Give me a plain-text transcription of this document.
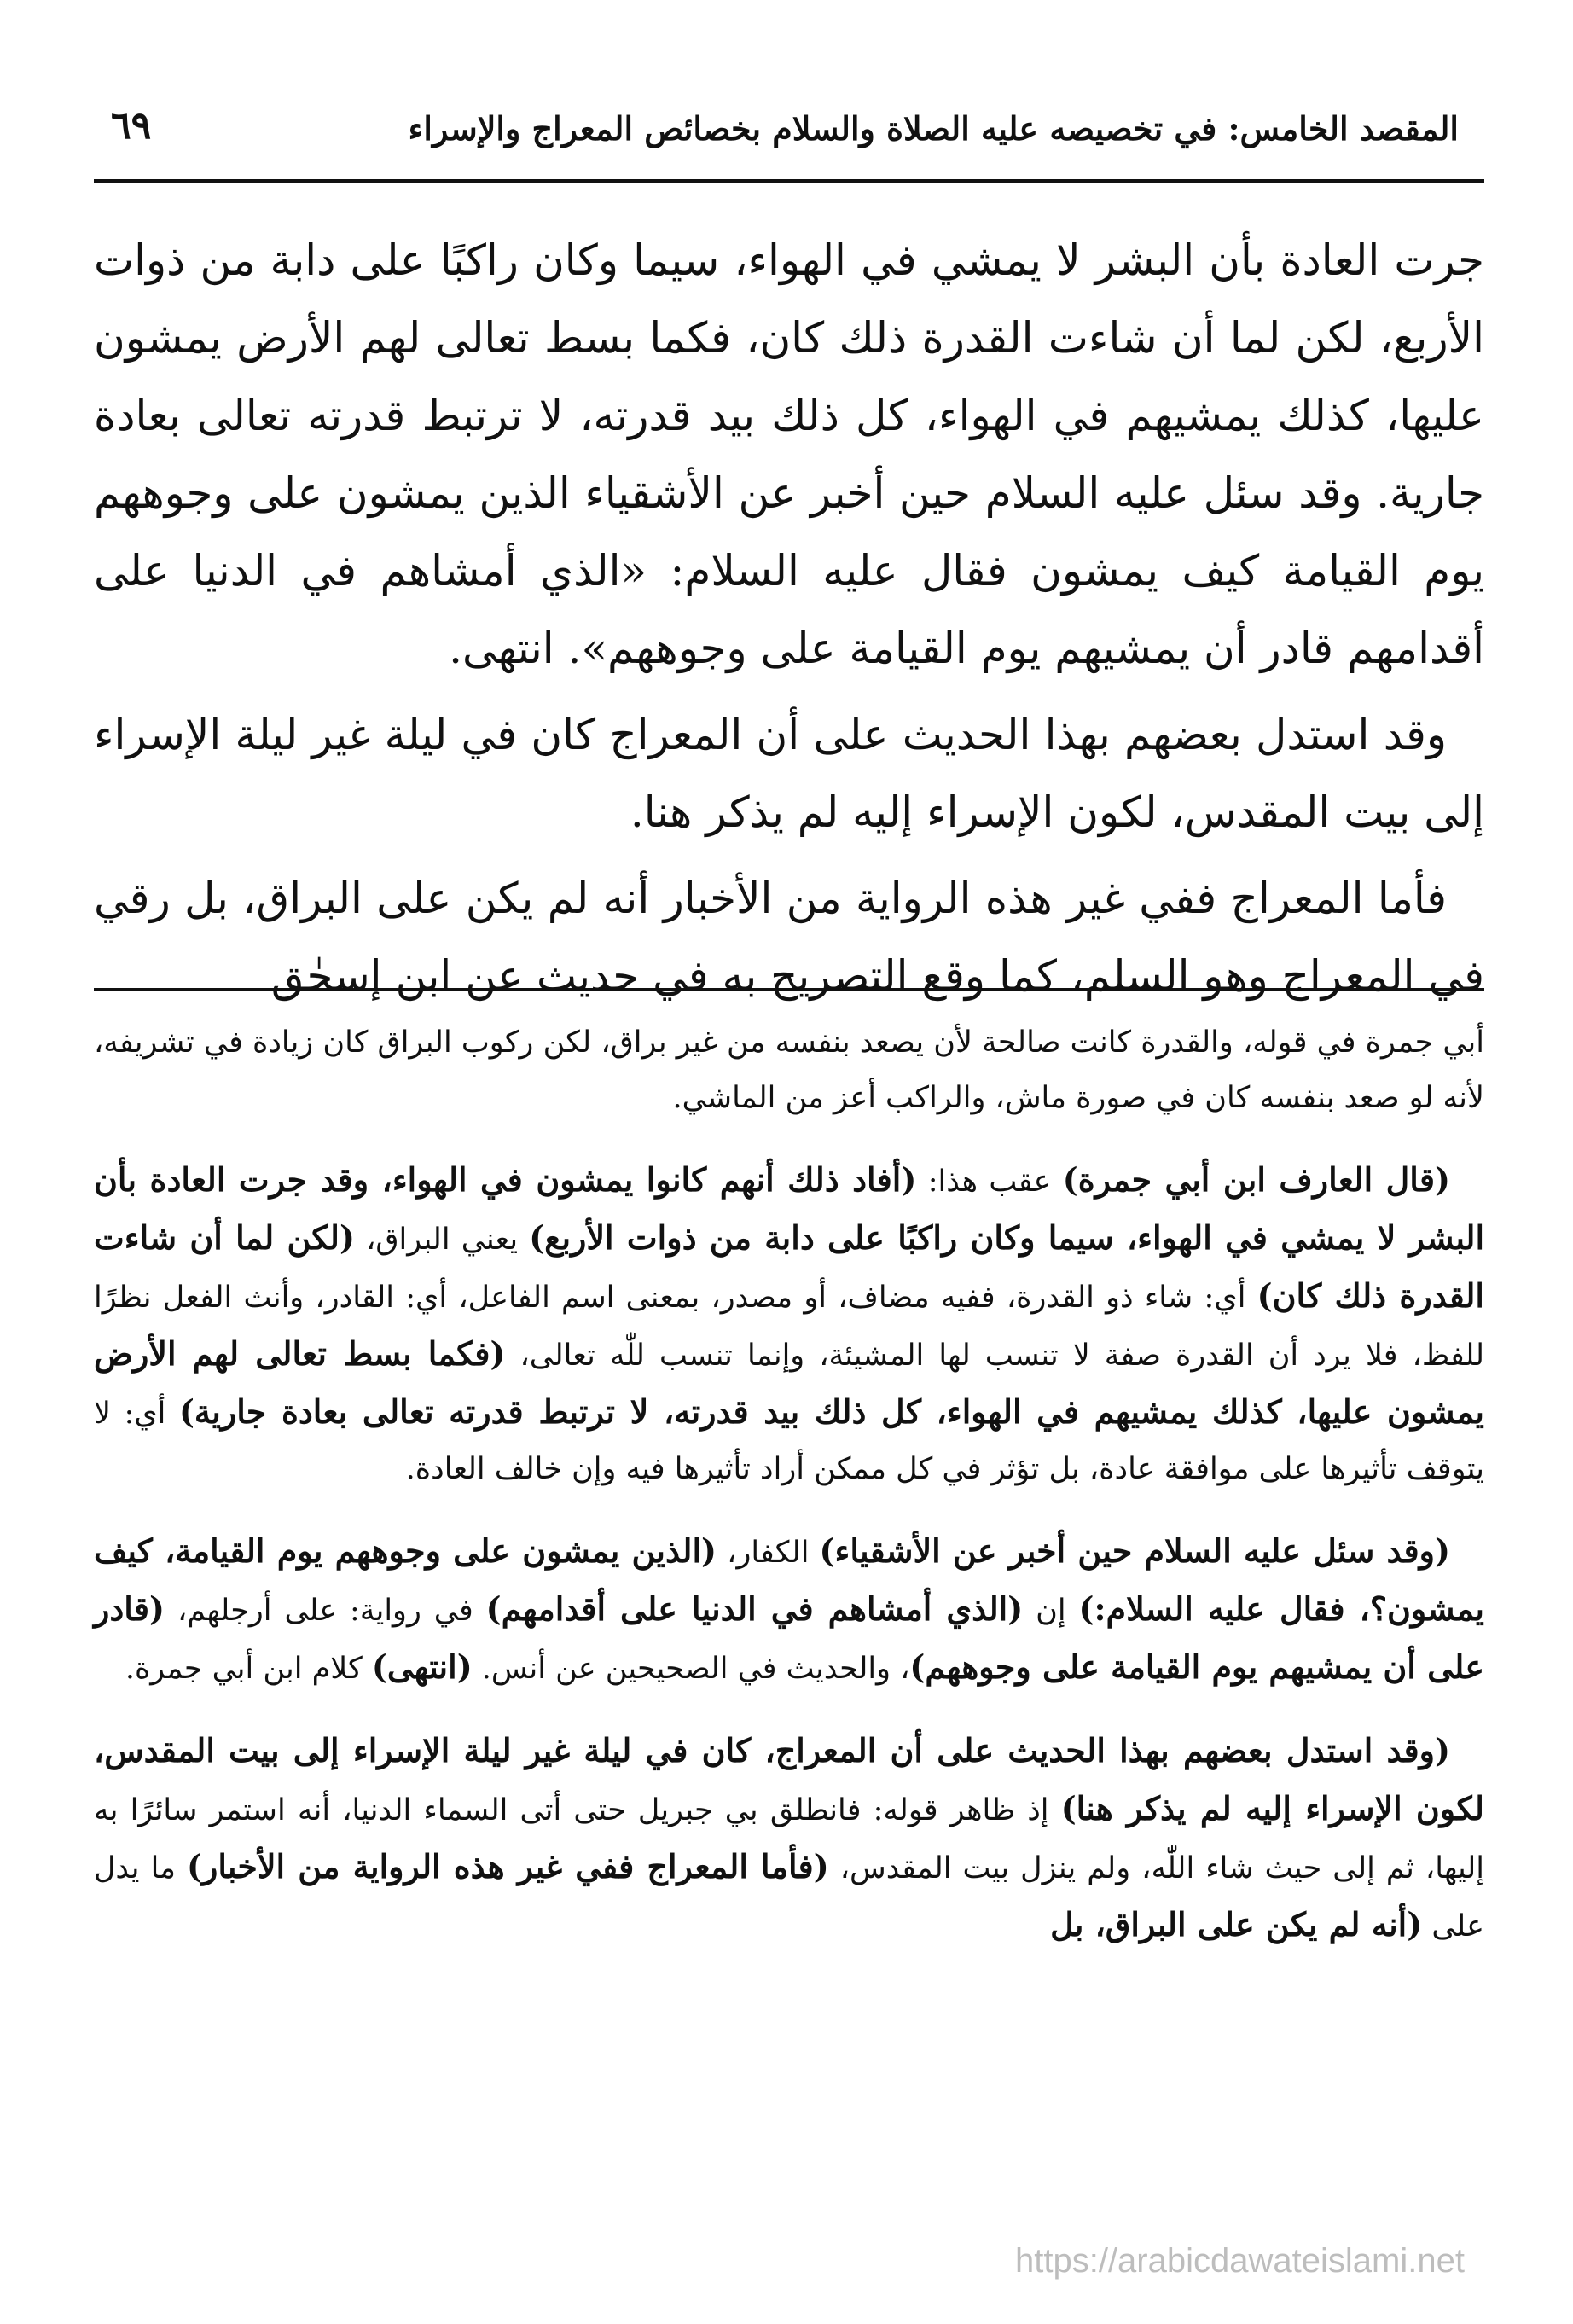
المقصد الخامس: في تخصيصه عليه الصلاة والسلام بخصائص المعراج والإسراء
٦٩

جرت العادة بأن البشر لا يمشي في الهواء، سيما وكان راكبًا على دابة من ذوات الأربع، لكن لما أن شاءت القدرة ذلك كان، فكما بسط تعالى لهم الأرض يمشون عليها، كذلك يمشيهم في الهواء، كل ذلك بيد قدرته، لا ترتبط قدرته تعالى بعادة جارية. وقد سئل عليه السلام حين أخبر عن الأشقياء الذين يمشون على وجوههم يوم القيامة كيف يمشون فقال عليه السلام: «الذي أمشاهم في الدنيا على أقدامهم قادر أن يمشيهم يوم القيامة على وجوههم». انتهى.

وقد استدل بعضهم بهذا الحديث على أن المعراج كان في ليلة غير ليلة الإسراء إلى بيت المقدس، لكون الإسراء إليه لم يذكر هنا.

فأما المعراج ففي غير هذه الرواية من الأخبار أنه لم يكن على البراق، بل رقي في المعراج وهو السلم، كما وقع التصريح به في حديث عن ابن إسحٰق

أبي جمرة في قوله، والقدرة كانت صالحة لأن يصعد بنفسه من غير براق، لكن ركوب البراق كان زيادة في تشريفه، لأنه لو صعد بنفسه كان في صورة ماش، والراكب أعز من الماشي.

(قال العارف ابن أبي جمرة) عقب هذا: (أفاد ذلك أنهم كانوا يمشون في الهواء، وقد جرت العادة بأن البشر لا يمشي في الهواء، سيما وكان راكبًا على دابة من ذوات الأربع) يعني البراق، (لكن لما أن شاءت القدرة ذلك كان) أي: شاء ذو القدرة، ففيه مضاف، أو مصدر، بمعنى اسم الفاعل، أي: القادر، وأنث الفعل نظرًا للفظ، فلا يرد أن القدرة صفة لا تنسب لها المشيئة، وإنما تنسب للّٰه تعالى، (فكما بسط تعالى لهم الأرض يمشون عليها، كذلك يمشيهم في الهواء، كل ذلك بيد قدرته، لا ترتبط قدرته تعالى بعادة جارية) أي: لا يتوقف تأثيرها على موافقة عادة، بل تؤثر في كل ممكن أراد تأثيرها فيه وإن خالف العادة.

(وقد سئل عليه السلام حين أخبر عن الأشقياء) الكفار، (الذين يمشون على وجوههم يوم القيامة، كيف يمشون؟، فقال عليه السلام:) إن (الذي أمشاهم في الدنيا على أقدامهم) في رواية: على أرجلهم، (قادر على أن يمشيهم يوم القيامة على وجوههم)، والحديث في الصحيحين عن أنس. (انتهى) كلام ابن أبي جمرة.

(وقد استدل بعضهم بهذا الحديث على أن المعراج، كان في ليلة غير ليلة الإسراء إلى بيت المقدس، لكون الإسراء إليه لم يذكر هنا) إذ ظاهر قوله: فانطلق بي جبريل حتى أتى السماء الدنيا، أنه استمر سائرًا به إليها، ثم إلى حيث شاء اللّٰه، ولم ينزل بيت المقدس، (فأما المعراج ففي غير هذه الرواية من الأخبار) ما يدل على (أنه لم يكن على البراق، بل

https://arabicdawateislami.net
